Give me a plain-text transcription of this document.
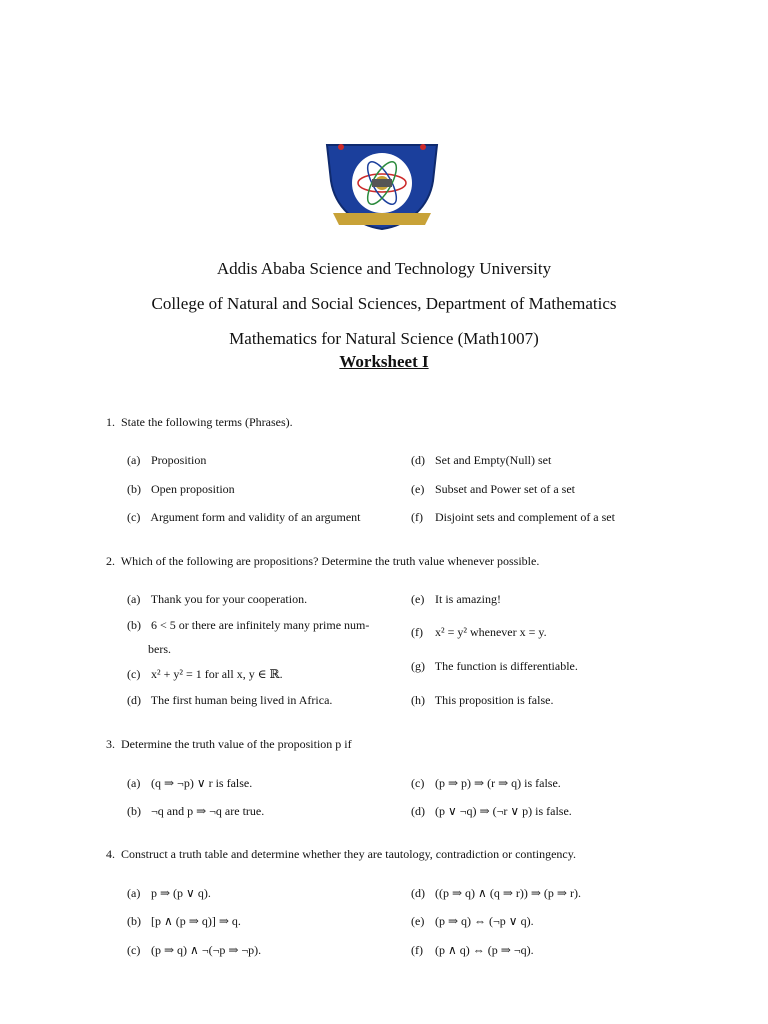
Addis Ababa Science and Technology University
College of Natural and Social Sciences, Department of Mathematics
Mathematics for Natural Science (Math1007)
Worksheet I
1. State the following terms (Phrases).
(a) Proposition
(b) Open proposition
(c) Argument form and validity of an argument
(d) Set and Empty(Null) set
(e) Subset and Power set of a set
(f) Disjoint sets and complement of a set
2. Which of the following are propositions? Determine the truth value whenever possible.
(a) Thank you for your cooperation.
(b) 6 < 5 or there are infinitely many prime num-
bers.
(c) x² + y² = 1 for all x, y ∈ ℝ.
(d) The first human being lived in Africa.
(e) It is amazing!
(f) x² = y² whenever x = y.
(g) The function is differentiable.
(h) This proposition is false.
3. Determine the truth value of the proposition p if
(a) (q ⇒ ¬p) ∨ r is false.
(b) ¬q and p ⇒ ¬q are true.
(c) (p ⇒ p) ⇒ (r ⇒ q) is false.
(d) (p ∨ ¬q) ⇒ (¬r ∨ p) is false.
4. Construct a truth table and determine whether they are tautology, contradiction or contingency.
(a) p ⇒ (p ∨ q).
(b) [p ∧ (p ⇒ q)] ⇒ q.
(c) (p ⇒ q) ∧ ¬(¬p ⇒ ¬p).
(d) ((p ⇒ q) ∧ (q ⇒ r)) ⇒ (p ⇒ r).
(e) (p ⇒ q) ⇔ (¬p ∨ q).
(f) (p ∧ q) ⇔ (p ⇒ ¬q).
